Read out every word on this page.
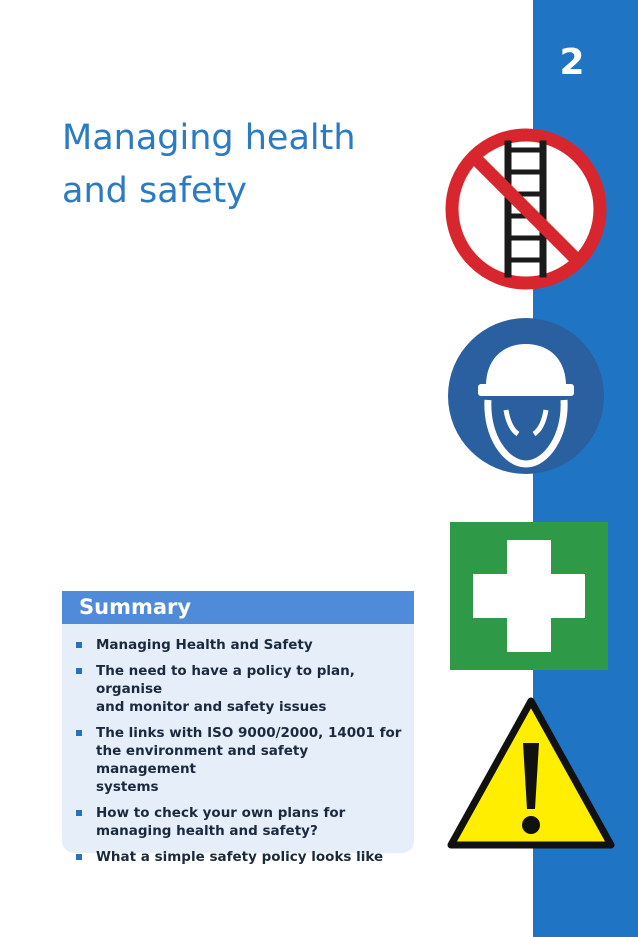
2
Managing health
and safety
Summary
Managing Health and Safety
The need to have a policy to plan, organise
and monitor and safety issues
The links with ISO 9000/2000, 14001 for
the environment and safety management
systems
How to check your own plans for
managing health and safety?
What a simple safety policy looks like
